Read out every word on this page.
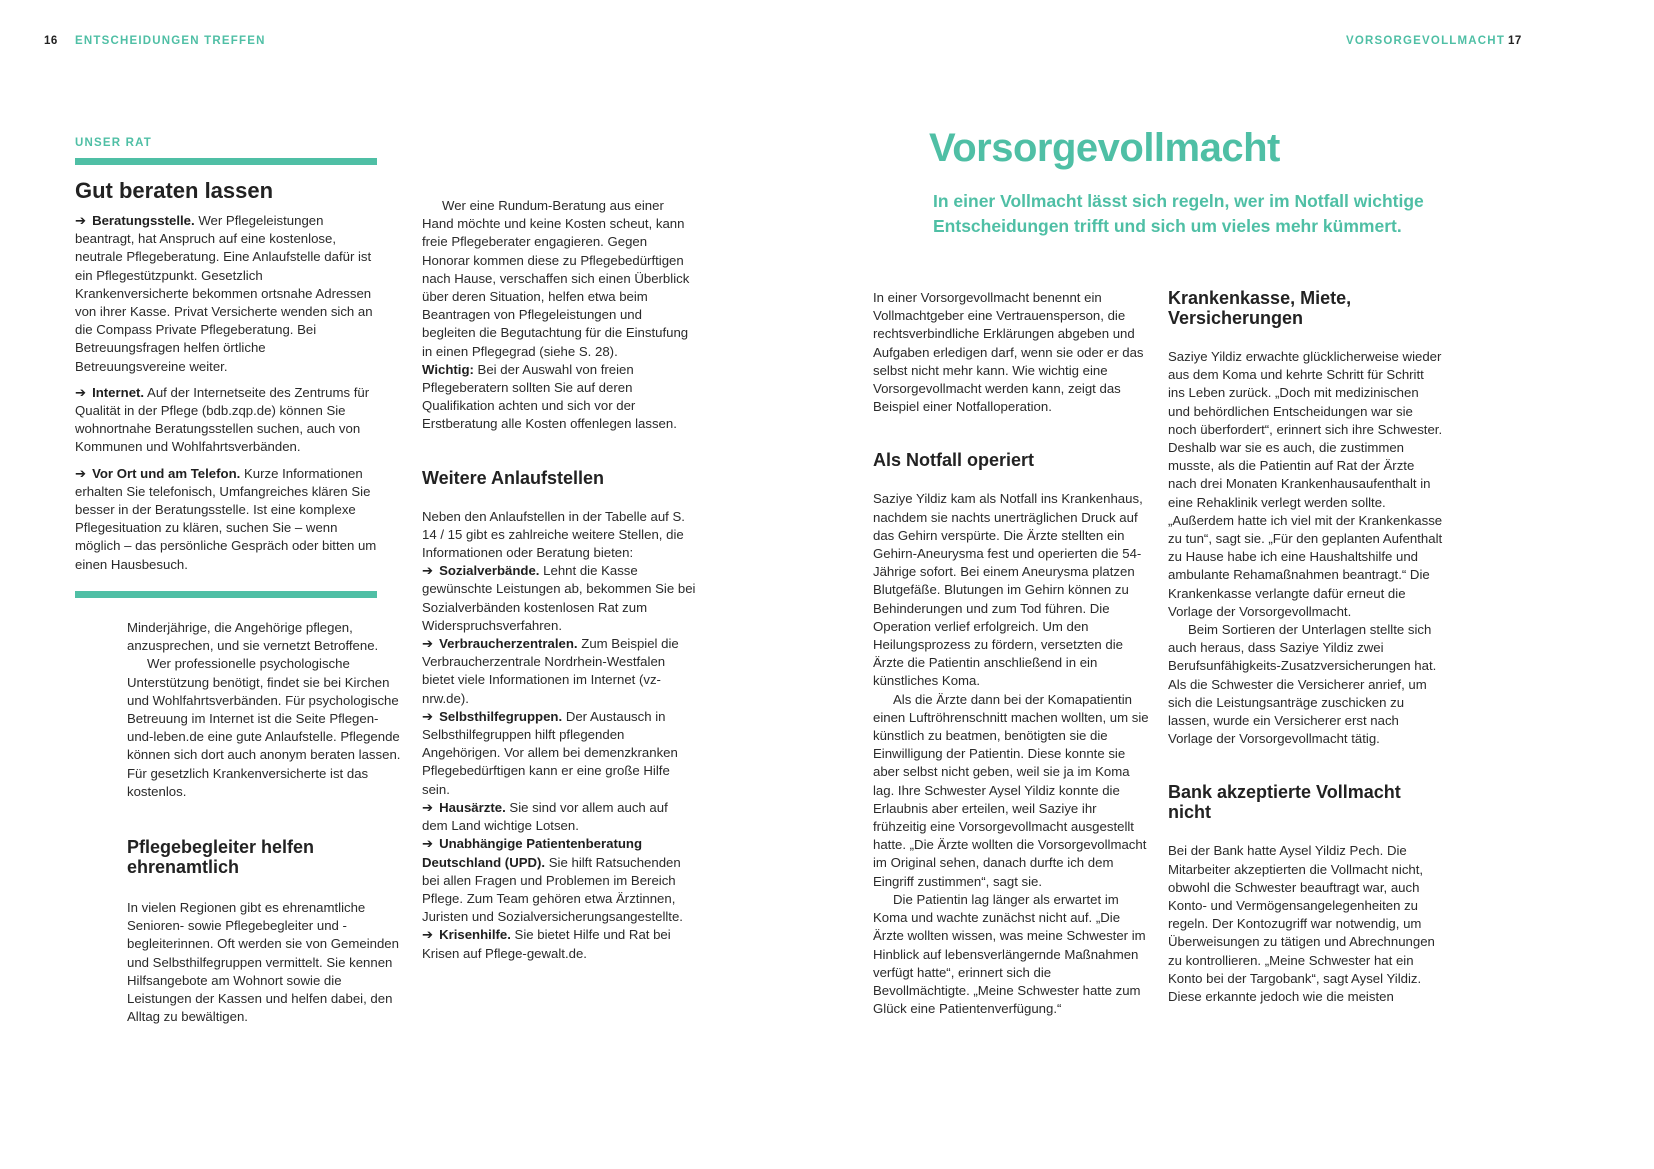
16 ENTSCHEIDUNGEN TREFFEN
UNSER RAT
Gut beraten lassen

➔ Beratungsstelle. Wer Pflegeleistungen beantragt, hat Anspruch auf eine kostenlose, neutrale Pflegeberatung. Eine Anlaufstelle dafür ist ein Pflegestützpunkt. Gesetzlich Krankenversicherte bekommen ortsnahe Adressen von ihrer Kasse. Privat Versicherte wenden sich an die Compass Private Pflegeberatung. Bei Betreuungsfragen helfen örtliche Betreuungsvereine weiter.

➔ Internet. Auf der Internetseite des Zentrums für Qualität in der Pflege (bdb.zqp.de) können Sie wohnortnahe Beratungsstellen suchen, auch von Kommunen und Wohlfahrtsverbänden.

➔ Vor Ort und am Telefon. Kurze Informationen erhalten Sie telefonisch, Umfangreiches klären Sie besser in der Beratungsstelle. Ist eine komplexe Pflegesituation zu klären, suchen Sie – wenn möglich – das persönliche Gespräch oder bitten um einen Hausbesuch.

Minderjährige, die Angehörige pflegen, anzusprechen, und sie vernetzt Betroffene.

Wer professionelle psychologische Unterstützung benötigt, findet sie bei Kirchen und Wohlfahrtsverbänden. Für psychologische Betreuung im Internet ist die Seite Pflegen-und-leben.de eine gute Anlaufstelle. Pflegende können sich dort auch anonym beraten lassen. Für gesetzlich Krankenversicherte ist das kostenlos.

Pflegebegleiter helfen ehrenamtlich

In vielen Regionen gibt es ehrenamtliche Senioren- sowie Pflegebegleiter und -begleiterinnen. Oft werden sie von Gemeinden und Selbsthilfegruppen vermittelt. Sie kennen Hilfsangebote am Wohnort sowie die Leistungen der Kassen und helfen dabei, den Alltag zu bewältigen.

Wer eine Rundum-Beratung aus einer Hand möchte und keine Kosten scheut, kann freie Pflegeberater engagieren. Gegen Honorar kommen diese zu Pflegebedürftigen nach Hause, verschaffen sich einen Überblick über deren Situation, helfen etwa beim Beantragen von Pflegeleistungen und begleiten die Begutachtung für die Einstufung in einen Pflegegrad (siehe S. 28).

Wichtig: Bei der Auswahl von freien Pflegeberatern sollten Sie auf deren Qualifikation achten und sich vor der Erstberatung alle Kosten offenlegen lassen.

Weitere Anlaufstellen

Neben den Anlaufstellen in der Tabelle auf S. 14 / 15 gibt es zahlreiche weitere Stellen, die Informationen oder Beratung bieten:

➔ Sozialverbände. Lehnt die Kasse gewünschte Leistungen ab, bekommen Sie bei Sozialverbänden kostenlosen Rat zum Widerspruchsverfahren.

➔ Verbraucherzentralen. Zum Beispiel die Verbraucherzentrale Nordrhein-Westfalen bietet viele Informationen im Internet (vz-nrw.de).

➔ Selbsthilfegruppen. Der Austausch in Selbsthilfegruppen hilft pflegenden Angehörigen. Vor allem bei demenzkranken Pflegebedürftigen kann er eine große Hilfe sein.

➔ Hausärzte. Sie sind vor allem auch auf dem Land wichtige Lotsen.

➔ Unabhängige Patientenberatung Deutschland (UPD). Sie hilft Ratsuchenden bei allen Fragen und Problemen im Bereich Pflege. Zum Team gehören etwa Ärztinnen, Juristen und Sozialversicherungsangestellte.

➔ Krisenhilfe. Sie bietet Hilfe und Rat bei Krisen auf Pflege-gewalt.de.

VORSORGEVOLLMACHT 17
Vorsorgevollmacht
In einer Vollmacht lässt sich regeln, wer im Notfall wichtige Entscheidungen trifft und sich um vieles mehr kümmert.

In einer Vorsorgevollmacht benennt ein Vollmachtgeber eine Vertrauensperson, die rechtsverbindliche Erklärungen abgeben und Aufgaben erledigen darf, wenn sie oder er das selbst nicht mehr kann. Wie wichtig eine Vorsorgevollmacht werden kann, zeigt das Beispiel einer Notfalloperation.

Als Notfall operiert

Saziye Yildiz kam als Notfall ins Krankenhaus, nachdem sie nachts unerträglichen Druck auf das Gehirn verspürte. Die Ärzte stellten ein Gehirn-Aneurysma fest und operierten die 54-Jährige sofort. Bei einem Aneurysma platzen Blutgefäße. Blutungen im Gehirn können zu Behinderungen und zum Tod führen. Die Operation verlief erfolgreich. Um den Heilungsprozess zu fördern, versetzten die Ärzte die Patientin anschließend in ein künstliches Koma.

Als die Ärzte dann bei der Komapatientin einen Luftröhrenschnitt machen wollten, um sie künstlich zu beatmen, benötigten sie die Einwilligung der Patientin. Diese konnte sie aber selbst nicht geben, weil sie ja im Koma lag. Ihre Schwester Aysel Yildiz konnte die Erlaubnis aber erteilen, weil Saziye ihr frühzeitig eine Vorsorgevollmacht ausgestellt hatte. „Die Ärzte wollten die Vorsorgevollmacht im Original sehen, danach durfte ich dem Eingriff zustimmen“, sagt sie.

Die Patientin lag länger als erwartet im Koma und wachte zunächst nicht auf. „Die Ärzte wollten wissen, was meine Schwester im Hinblick auf lebensverlängernde Maßnahmen verfügt hatte“, erinnert sich die Bevollmächtigte. „Meine Schwester hatte zum Glück eine Patientenverfügung.“

Krankenkasse, Miete, Versicherungen

Saziye Yildiz erwachte glücklicherweise wieder aus dem Koma und kehrte Schritt für Schritt ins Leben zurück. „Doch mit medizinischen und behördlichen Entscheidungen war sie noch überfordert“, erinnert sich ihre Schwester. Deshalb war sie es auch, die zustimmen musste, als die Patientin auf Rat der Ärzte nach drei Monaten Krankenhausaufenthalt in eine Rehaklinik verlegt werden sollte. „Außerdem hatte ich viel mit der Krankenkasse zu tun“, sagt sie. „Für den geplanten Aufenthalt zu Hause habe ich eine Haushaltshilfe und ambulante Rehamaßnahmen beantragt.“ Die Krankenkasse verlangte dafür erneut die Vorlage der Vorsorgevollmacht.

Beim Sortieren der Unterlagen stellte sich auch heraus, dass Saziye Yildiz zwei Berufsunfähigkeits-Zusatzversicherungen hat. Als die Schwester die Versicherer anrief, um sich die Leistungsanträge zuschicken zu lassen, wurde ein Versicherer erst nach Vorlage der Vorsorgevollmacht tätig.

Bank akzeptierte Vollmacht nicht

Bei der Bank hatte Aysel Yildiz Pech. Die Mitarbeiter akzeptierten die Vollmacht nicht, obwohl die Schwester beauftragt war, auch Konto- und Vermögensangelegenheiten zu regeln. Der Kontozugriff war notwendig, um Überweisungen zu tätigen und Abrechnungen zu kontrollieren. „Meine Schwester hat ein Konto bei der Targobank“, sagt Aysel Yildiz. Diese erkannte jedoch wie die meisten
